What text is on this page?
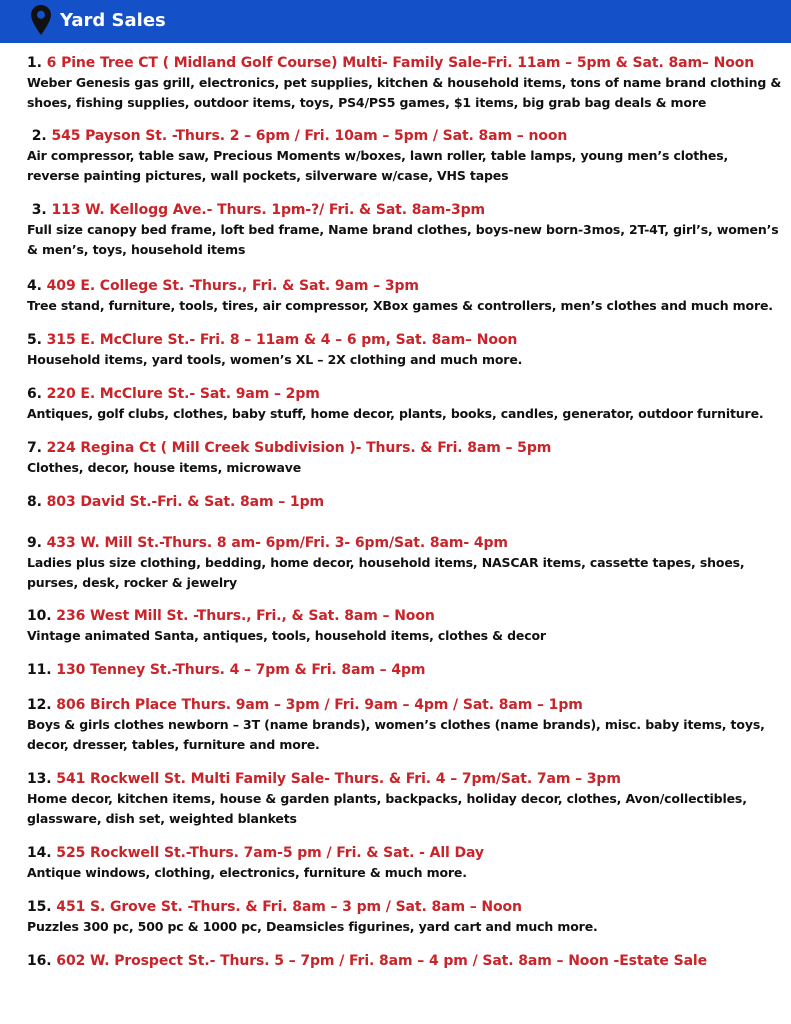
Yard Sales
1. 6 Pine Tree CT ( Midland Golf Course) Multi- Family Sale-Fri. 11am – 5pm & Sat. 8am– Noon
Weber Genesis gas grill, electronics, pet supplies, kitchen & household items, tons of name brand clothing & shoes, fishing supplies, outdoor items, toys, PS4/PS5 games, $1 items, big grab bag deals & more
2. 545 Payson St. -Thurs. 2 – 6pm / Fri. 10am – 5pm / Sat. 8am – noon
Air compressor, table saw, Precious Moments w/boxes, lawn roller, table lamps, young men’s clothes, reverse painting pictures, wall pockets, silverware w/case, VHS tapes
3. 113 W. Kellogg Ave.- Thurs. 1pm-?/ Fri. & Sat. 8am-3pm
Full size canopy bed frame, loft bed frame, Name brand clothes, boys-new born-3mos, 2T-4T, girl’s, women’s & men’s, toys, household items
4. 409 E. College St. -Thurs., Fri. & Sat. 9am – 3pm
Tree stand, furniture, tools, tires, air compressor, XBox games & controllers, men’s clothes and much more.
5. 315 E. McClure St.- Fri. 8 – 11am & 4 – 6 pm, Sat. 8am– Noon
Household items, yard tools, women’s XL – 2X clothing and much more.
6. 220 E. McClure St.- Sat. 9am – 2pm
Antiques, golf clubs, clothes, baby stuff, home decor, plants, books, candles, generator, outdoor furniture.
7. 224 Regina Ct ( Mill Creek Subdivision )- Thurs. & Fri. 8am – 5pm
Clothes, decor, house items, microwave
8. 803 David St.-Fri. & Sat. 8am – 1pm
9. 433 W. Mill St.-Thurs. 8 am- 6pm/Fri. 3- 6pm/Sat. 8am- 4pm
Ladies plus size clothing, bedding, home decor, household items, NASCAR items, cassette tapes, shoes, purses, desk, rocker & jewelry
10. 236 West Mill St. -Thurs., Fri., & Sat. 8am – Noon
Vintage animated Santa, antiques, tools, household items, clothes & decor
11. 130 Tenney St.-Thurs. 4 – 7pm & Fri. 8am – 4pm
12. 806 Birch Place Thurs. 9am – 3pm / Fri. 9am – 4pm / Sat. 8am – 1pm
Boys & girls clothes newborn – 3T (name brands), women’s clothes (name brands), misc. baby items, toys, decor, dresser, tables, furniture and more.
13. 541 Rockwell St. Multi Family Sale- Thurs. & Fri. 4 – 7pm/Sat. 7am – 3pm
Home decor, kitchen items, house & garden plants, backpacks, holiday decor, clothes, Avon/collectibles, glassware, dish set, weighted blankets
14. 525 Rockwell St.-Thurs. 7am-5 pm / Fri. & Sat. - All Day
Antique windows, clothing, electronics, furniture & much more.
15. 451 S. Grove St. -Thurs. & Fri. 8am – 3 pm / Sat. 8am – Noon
Puzzles 300 pc, 500 pc & 1000 pc, Deamsicles figurines, yard cart and much more.
16. 602 W. Prospect St.- Thurs. 5 – 7pm / Fri. 8am – 4 pm / Sat. 8am – Noon -Estate Sale
